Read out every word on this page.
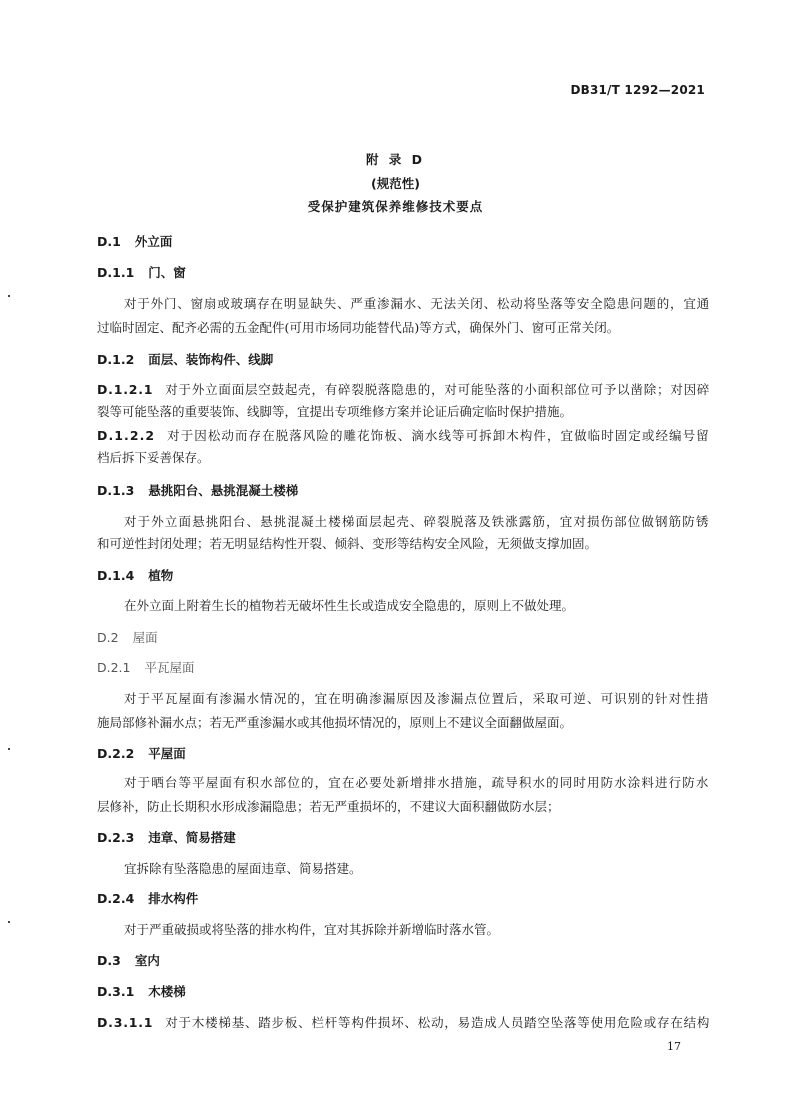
DB31/T 1292—2021
附 录 D
(规范性)
受保护建筑保养维修技术要点
D.1 外立面
D.1.1 门、窗
对于外门、窗扇或玻璃存在明显缺失、严重渗漏水、无法关闭、松动将坠落等安全隐患问题的，宜通
过临时固定、配齐必需的五金配件(可用市场同功能替代品)等方式，确保外门、窗可正常关闭。
D.1.2 面层、装饰构件、线脚
D.1.2.1 对于外立面面层空鼓起壳，有碎裂脱落隐患的，对可能坠落的小面积部位可予以凿除；对因碎
裂等可能坠落的重要装饰、线脚等，宜提出专项维修方案并论证后确定临时保护措施。
D.1.2.2 对于因松动而存在脱落风险的雕花饰板、滴水线等可拆卸木构件，宜做临时固定或经编号留
档后拆下妥善保存。
D.1.3 悬挑阳台、悬挑混凝土楼梯
对于外立面悬挑阳台、悬挑混凝土楼梯面层起壳、碎裂脱落及铁涨露筋，宜对损伤部位做钢筋防锈
和可逆性封闭处理；若无明显结构性开裂、倾斜、变形等结构安全风险，无须做支撑加固。
D.1.4 植物
在外立面上附着生长的植物若无破坏性生长或造成安全隐患的，原则上不做处理。
D.2 屋面
D.2.1 平瓦屋面
对于平瓦屋面有渗漏水情况的，宜在明确渗漏原因及渗漏点位置后，采取可逆、可识别的针对性措
施局部修补漏水点；若无严重渗漏水或其他损坏情况的，原则上不建议全面翻做屋面。
D.2.2 平屋面
对于晒台等平屋面有积水部位的，宜在必要处新增排水措施，疏导积水的同时用防水涂料进行防水
层修补，防止长期积水形成渗漏隐患；若无严重损坏的，不建议大面积翻做防水层；
D.2.3 违章、简易搭建
宜拆除有坠落隐患的屋面违章、简易搭建。
D.2.4 排水构件
对于严重破损或将坠落的排水构件，宜对其拆除并新增临时落水管。
D.3 室内
D.3.1 木楼梯
D.3.1.1 对于木楼梯基、踏步板、栏杆等构件损坏、松动，易造成人员踏空坠落等使用危险或存在结构
17
